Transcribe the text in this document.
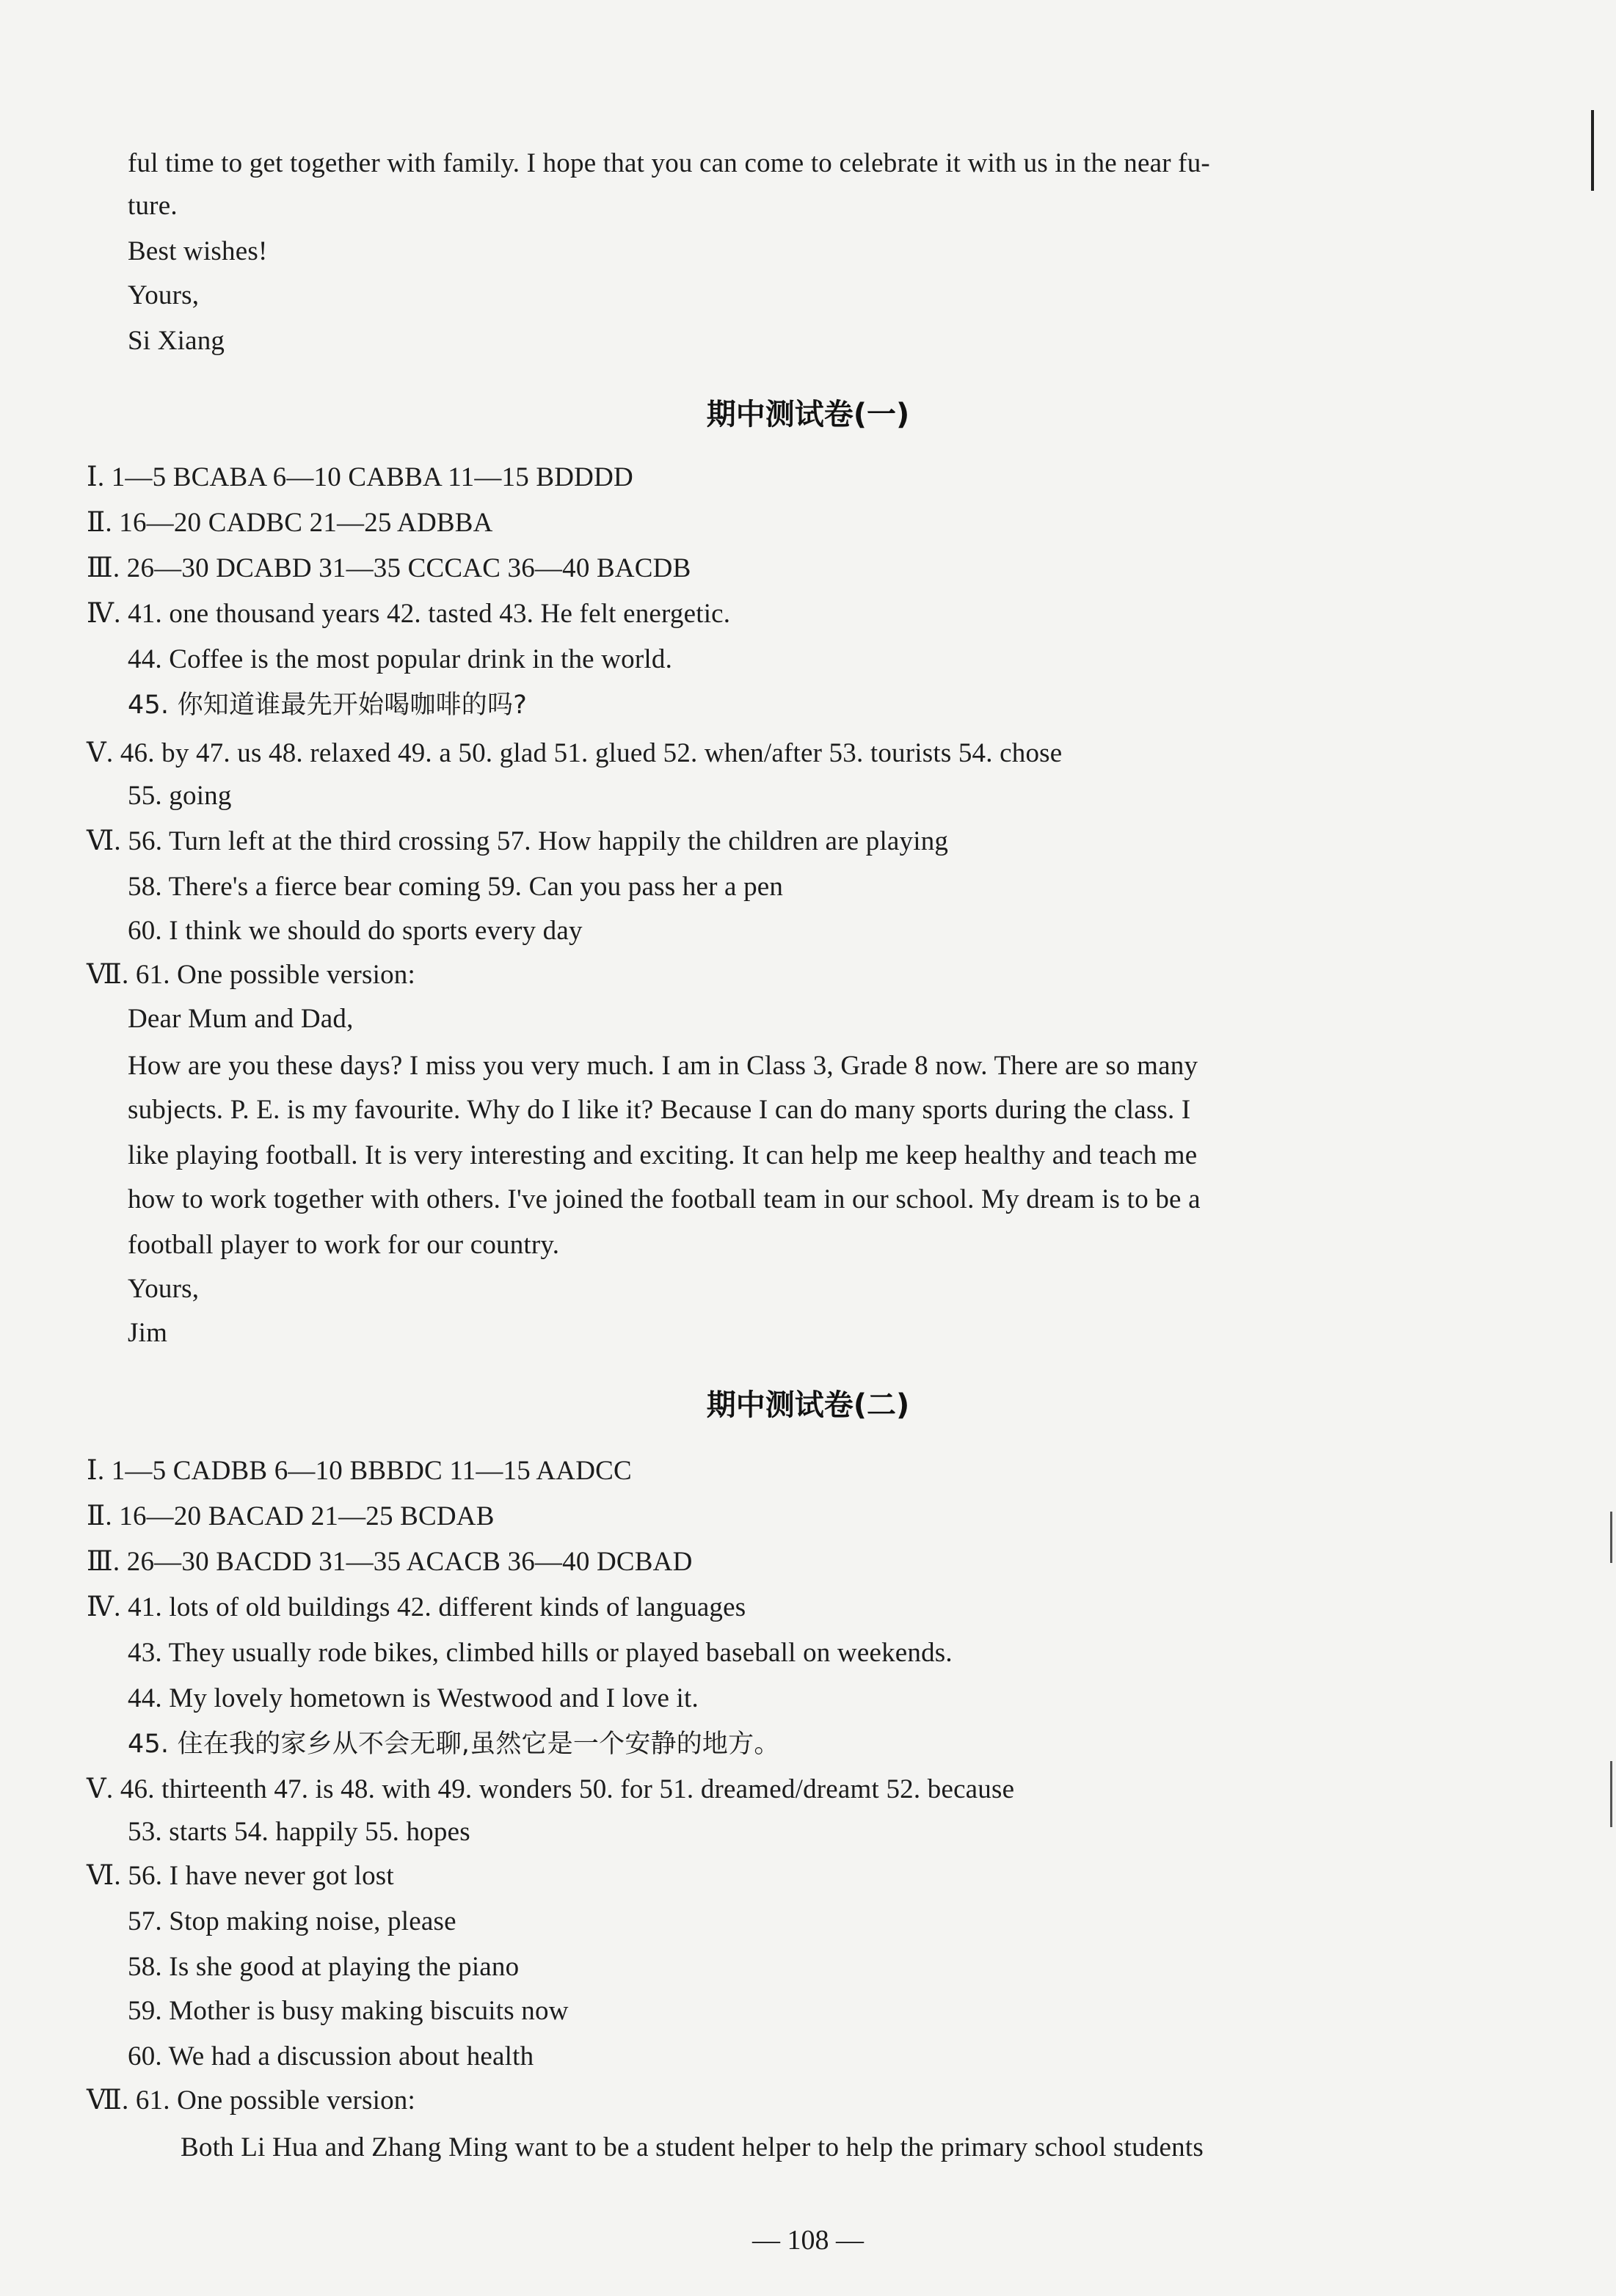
ful time to get together with family. I hope that you can come to celebrate it with us in the near fu-
ture.
Best wishes!
Yours,
Si Xiang
期中测试卷(一)
Ⅰ. 1—5 BCABA 6—10 CABBA 11—15 BDDDD
Ⅱ. 16—20 CADBC 21—25 ADBBA
Ⅲ. 26—30 DCABD 31—35 CCCAC 36—40 BACDB
Ⅳ. 41. one thousand years 42. tasted 43. He felt energetic.
44. Coffee is the most popular drink in the world.
45. 你知道谁最先开始喝咖啡的吗?
Ⅴ. 46. by 47. us 48. relaxed 49. a 50. glad 51. glued 52. when/after 53. tourists 54. chose
55. going
Ⅵ. 56. Turn left at the third crossing 57. How happily the children are playing
58. There's a fierce bear coming 59. Can you pass her a pen
60. I think we should do sports every day
Ⅶ. 61. One possible version:
Dear Mum and Dad,
How are you these days? I miss you very much. I am in Class 3, Grade 8 now. There are so many
subjects. P. E. is my favourite. Why do I like it? Because I can do many sports during the class. I
like playing football. It is very interesting and exciting. It can help me keep healthy and teach me
how to work together with others. I've joined the football team in our school. My dream is to be a
football player to work for our country.
Yours,
Jim
期中测试卷(二)
Ⅰ. 1—5 CADBB 6—10 BBBDC 11—15 AADCC
Ⅱ. 16—20 BACAD 21—25 BCDAB
Ⅲ. 26—30 BACDD 31—35 ACACB 36—40 DCBAD
Ⅳ. 41. lots of old buildings 42. different kinds of languages
43. They usually rode bikes, climbed hills or played baseball on weekends.
44. My lovely hometown is Westwood and I love it.
45. 住在我的家乡从不会无聊,虽然它是一个安静的地方。
Ⅴ. 46. thirteenth 47. is 48. with 49. wonders 50. for 51. dreamed/dreamt 52. because
53. starts 54. happily 55. hopes
Ⅵ. 56. I have never got lost
57. Stop making noise, please
58. Is she good at playing the piano
59. Mother is busy making biscuits now
60. We had a discussion about health
Ⅶ. 61. One possible version:
Both Li Hua and Zhang Ming want to be a student helper to help the primary school students
— 108 —
